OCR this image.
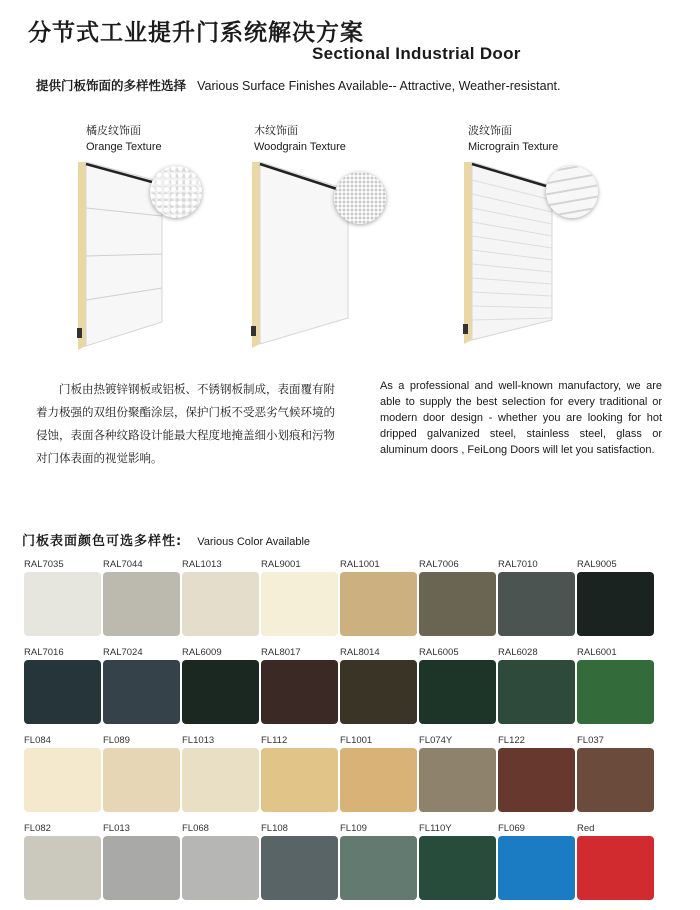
分节式工业提升门系统解决方案
Sectional Industrial Door
提供门板饰面的多样性选择 Various Surface Finishes Available-- Attractive, Weather-resistant.
橘皮纹饰面
Orange Texture
木纹饰面
Woodgrain Texture
波纹饰面
Micrograin Texture

门板由热镀锌钢板或铝板、不锈钢板制成，表面覆有附着力极强的双组份聚酯涂层，保护门板不受恶劣气候环境的侵蚀，表面各种纹路设计能最大程度地掩盖细小划痕和污物对门体表面的视觉影响。

As a professional and well-known manufactory, we are able to supply the best selection for every traditional or modern door design - whether you are looking for hot dripped galvanized steel, stainless steel, glass or aluminum doors , FeiLong Doors will let you satisfaction.

门板表面颜色可选多样性: Various Color Available
RAL7035	RAL7044	RAL1013	RAL9001	RAL1001	RAL7006	RAL7010	RAL9005
RAL7016	RAL7024	RAL6009	RAL8017	RAL8014	RAL6005	RAL6028	RAL6001
FL084	FL089	FL1013	FL112	FL1001	FL074Y	FL122	FL037
FL082	FL013	FL068	FL108	FL109	FL110Y	FL069	Red
